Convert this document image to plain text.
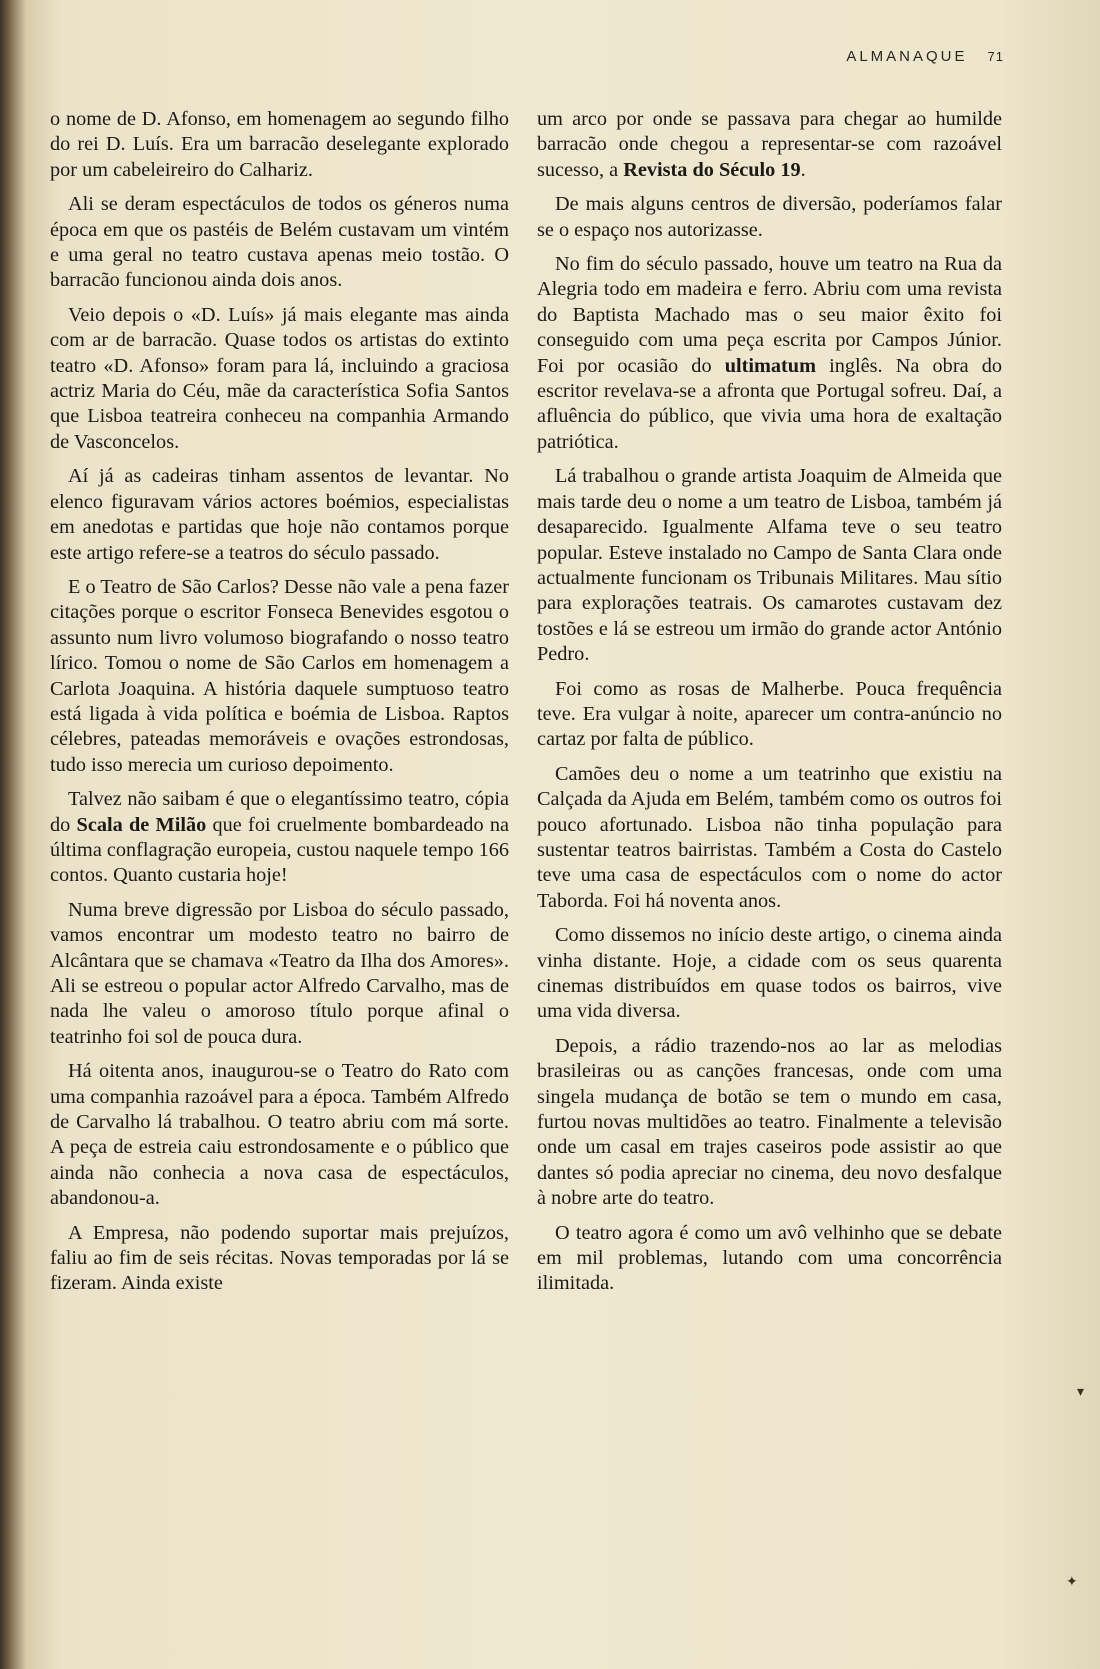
ALMANAQUE 71

o nome de D. Afonso, em homenagem ao segundo filho do rei D. Luís. Era um barracão deselegante explorado por um cabeleireiro do Calhariz.

Ali se deram espectáculos de todos os géneros numa época em que os pastéis de Belém custavam um vintém e uma geral no teatro custava apenas meio tostão. O barracão funcionou ainda dois anos.

Veio depois o «D. Luís» já mais elegante mas ainda com ar de barracão. Quase todos os artistas do extinto teatro «D. Afonso» foram para lá, incluindo a graciosa actriz Maria do Céu, mãe da característica Sofia Santos que Lisboa teatreira conheceu na companhia Armando de Vasconcelos.

Aí já as cadeiras tinham assentos de levantar. No elenco figuravam vários actores boémios, especialistas em anedotas e partidas que hoje não contamos porque este artigo refere-se a teatros do século passado.

E o Teatro de São Carlos? Desse não vale a pena fazer citações porque o escritor Fonseca Benevides esgotou o assunto num livro volumoso biografando o nosso teatro lírico. Tomou o nome de São Carlos em homenagem a Carlota Joaquina. A história daquele sumptuoso teatro está ligada à vida política e boémia de Lisboa. Raptos célebres, pateadas memoráveis e ovações estrondosas, tudo isso merecia um curioso depoimento.

Talvez não saibam é que o elegantíssimo teatro, cópia do Scala de Milão que foi cruelmente bombardeado na última conflagração europeia, custou naquele tempo 166 contos. Quanto custaria hoje!

Numa breve digressão por Lisboa do século passado, vamos encontrar um modesto teatro no bairro de Alcântara que se chamava «Teatro da Ilha dos Amores». Ali se estreou o popular actor Alfredo Carvalho, mas de nada lhe valeu o amoroso título porque afinal o teatrinho foi sol de pouca dura.

Há oitenta anos, inaugurou-se o Teatro do Rato com uma companhia razoável para a época. Também Alfredo de Carvalho lá trabalhou. O teatro abriu com má sorte. A peça de estreia caiu estrondosamente e o público que ainda não conhecia a nova casa de espectáculos, abandonou-a.

A Empresa, não podendo suportar mais prejuízos, faliu ao fim de seis récitas. Novas temporadas por lá se fizeram. Ainda existe

um arco por onde se passava para chegar ao humilde barracão onde chegou a representar-se com razoável sucesso, a Revista do Século 19.

De mais alguns centros de diversão, poderíamos falar se o espaço nos autorizasse.

No fim do século passado, houve um teatro na Rua da Alegria todo em madeira e ferro. Abriu com uma revista do Baptista Machado mas o seu maior êxito foi conseguido com uma peça escrita por Campos Júnior. Foi por ocasião do ultimatum inglês. Na obra do escritor revelava-se a afronta que Portugal sofreu. Daí, a afluência do público, que vivia uma hora de exaltação patriótica.

Lá trabalhou o grande artista Joaquim de Almeida que mais tarde deu o nome a um teatro de Lisboa, também já desaparecido. Igualmente Alfama teve o seu teatro popular. Esteve instalado no Campo de Santa Clara onde actualmente funcionam os Tribunais Militares. Mau sítio para explorações teatrais. Os camarotes custavam dez tostões e lá se estreou um irmão do grande actor António Pedro.

Foi como as rosas de Malherbe. Pouca frequência teve. Era vulgar à noite, aparecer um contra-anúncio no cartaz por falta de público.

Camões deu o nome a um teatrinho que existiu na Calçada da Ajuda em Belém, também como os outros foi pouco afortunado. Lisboa não tinha população para sustentar teatros bairristas. Também a Costa do Castelo teve uma casa de espectáculos com o nome do actor Taborda. Foi há noventa anos.

Como dissemos no início deste artigo, o cinema ainda vinha distante. Hoje, a cidade com os seus quarenta cinemas distribuídos em quase todos os bairros, vive uma vida diversa.

Depois, a rádio trazendo-nos ao lar as melodias brasileiras ou as canções francesas, onde com uma singela mudança de botão se tem o mundo em casa, furtou novas multidões ao teatro. Finalmente a televisão onde um casal em trajes caseiros pode assistir ao que dantes só podia apreciar no cinema, deu novo desfalque à nobre arte do teatro.

O teatro agora é como um avô velhinho que se debate em mil problemas, lutando com uma concorrência ilimitada.

▾
✦
